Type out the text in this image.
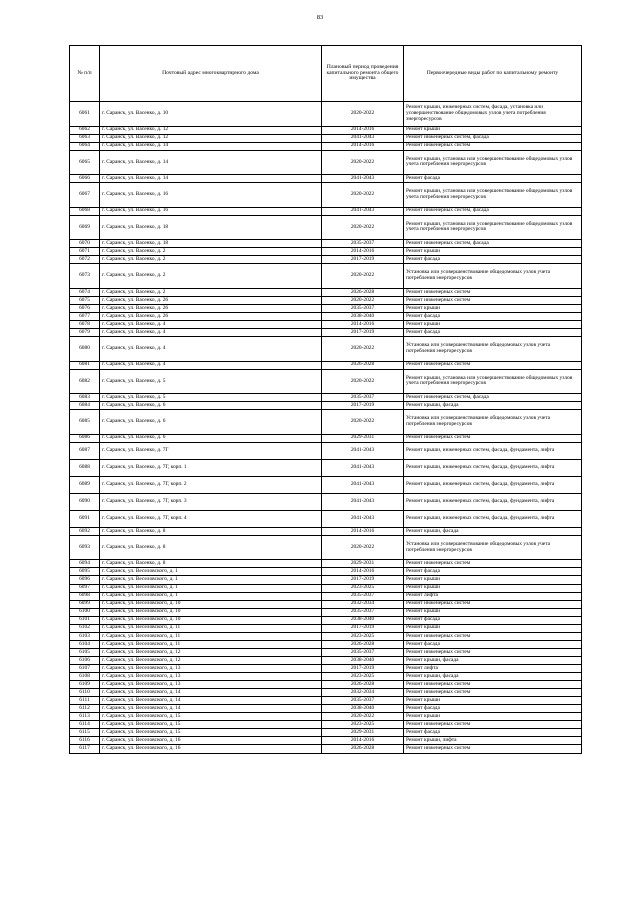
83
№ п/п	Почтовый адрес многоквартирного дома	Плановый период проведения капитального ремонта общего имущества	Первоочередные виды работ по капитальному ремонту
6061	г. Саранск, ул. Васенко, д. 10	2020-2022	Ремонт крыши, инженерных систем, фасада, установка или усовершенствование общедомовых узлов учета потребления энергоресурсов
6062	г. Саранск, ул. Васенко, д. 12	2014-2016	Ремонт крыши
6063	г. Саранск, ул. Васенко, д. 12	2041-2043	Ремонт инженерных систем, фасада
6064	г. Саранск, ул. Васенко, д. 14	2014-2016	Ремонт инженерных систем
6065	г. Саранск, ул. Васенко, д. 14	2020-2022	Ремонт крыши, установка или усовершенствование общедомовых узлов учета потребления энергоресурсов
6066	г. Саранск, ул. Васенко, д. 14	2041-2043	Ремонт фасада
6067	г. Саранск, ул. Васенко, д. 16	2020-2022	Ремонт крыши, установка или усовершенствование общедомовых узлов учета потребления энергоресурсов
6068	г. Саранск, ул. Васенко, д. 16	2041-2043	Ремонт инженерных систем, фасада
6069	г. Саранск, ул. Васенко, д. 18	2020-2022	Ремонт крыши, установка или усовершенствование общедомовых узлов учета потребления энергоресурсов
6070	г. Саранск, ул. Васенко, д. 18	2035-2037	Ремонт инженерных систем, фасада
6071	г. Саранск, ул. Васенко, д. 2	2014-2016	Ремонт крыши
6072	г. Саранск, ул. Васенко, д. 2	2017-2019	Ремонт фасада
6073	г. Саранск, ул. Васенко, д. 2	2020-2022	Установка или усовершенствование общедомовых узлов учета потребления энергоресурсов
6074	г. Саранск, ул. Васенко, д. 2	2026-2028	Ремонт инженерных систем
6075	г. Саранск, ул. Васенко, д. 26	2020-2022	Ремонт инженерных систем
6076	г. Саранск, ул. Васенко, д. 26	2035-2037	Ремонт крыши
6077	г. Саранск, ул. Васенко, д. 26	2038-2040	Ремонт фасада
6078	г. Саранск, ул. Васенко, д. 4	2014-2016	Ремонт крыши
6079	г. Саранск, ул. Васенко, д. 4	2017-2019	Ремонт фасада
6080	г. Саранск, ул. Васенко, д. 4	2020-2022	Установка или усовершенствование общедомовых узлов учета потребления энергоресурсов
6081	г. Саранск, ул. Васенко, д. 4	2026-2028	Ремонт инженерных систем
6082	г. Саранск, ул. Васенко, д. 5	2020-2022	Ремонт крыши, установка или усовершенствование общедомовых узлов учета потребления энергоресурсов
6083	г. Саранск, ул. Васенко, д. 5	2035-2037	Ремонт инженерных систем, фасада
6084	г. Саранск, ул. Васенко, д. 6	2017-2019	Ремонт крыши, фасада
6085	г. Саранск, ул. Васенко, д. 6	2020-2022	Установка или усовершенствование общедомовых узлов учета потребления энергоресурсов
6086	г. Саранск, ул. Васенко, д. 6	2029-2031	Ремонт инженерных систем
6087	г. Саранск, ул. Васенко, д. 7Г	2041-2043	Ремонт крыши, инженерных систем, фасада, фундамента, лифта
6088	г. Саранск, ул. Васенко, д. 7Г, корп. 1	2041-2043	Ремонт крыши, инженерных систем, фасада, фундамента, лифта
6089	г. Саранск, ул. Васенко, д. 7Г, корп. 2	2041-2043	Ремонт крыши, инженерных систем, фасада, фундамента, лифта
6090	г. Саранск, ул. Васенко, д. 7Г, корп. 3	2041-2043	Ремонт крыши, инженерных систем, фасада, фундамента, лифта
6091	г. Саранск, ул. Васенко, д. 7Г, корп. 4	2041-2043	Ремонт крыши, инженерных систем, фасада, фундамента, лифта
6092	г. Саранск, ул. Васенко, д. 8	2014-2016	Ремонт крыши, фасада
6093	г. Саранск, ул. Васенко, д. 8	2020-2022	Установка или усовершенствование общедомовых узлов учета потребления энергоресурсов
6094	г. Саранск, ул. Васенко, д. 8	2029-2031	Ремонт инженерных систем
6095	г. Саранск, ул. Веселовского, д. 1	2014-2016	Ремонт фасада
6096	г. Саранск, ул. Веселовского, д. 1	2017-2019	Ремонт крыши
6097	г. Саранск, ул. Веселовского, д. 1	2023-2025	Ремонт крыши
6098	г. Саранск, ул. Веселовского, д. 1	2035-2037	Ремонт лифта
6099	г. Саранск, ул. Веселовского, д. 10	2032-2034	Ремонт инженерных систем
6100	г. Саранск, ул. Веселовского, д. 10	2035-2037	Ремонт крыши
6101	г. Саранск, ул. Веселовского, д. 10	2038-2040	Ремонт фасада
6102	г. Саранск, ул. Веселовского, д. 11	2017-2019	Ремонт крыши
6103	г. Саранск, ул. Веселовского, д. 11	2023-2025	Ремонт инженерных систем
6104	г. Саранск, ул. Веселовского, д. 11	2026-2028	Ремонт фасада
6105	г. Саранск, ул. Веселовского, д. 12	2035-2037	Ремонт инженерных систем
6106	г. Саранск, ул. Веселовского, д. 12	2038-2040	Ремонт крыши, фасада
6107	г. Саранск, ул. Веселовского, д. 13	2017-2019	Ремонт лифта
6108	г. Саранск, ул. Веселовского, д. 13	2023-2025	Ремонт крыши, фасада
6109	г. Саранск, ул. Веселовского, д. 13	2026-2028	Ремонт инженерных систем
6110	г. Саранск, ул. Веселовского, д. 14	2032-2034	Ремонт инженерных систем
6111	г. Саранск, ул. Веселовского, д. 14	2035-2037	Ремонт крыши
6112	г. Саранск, ул. Веселовского, д. 14	2038-2040	Ремонт фасада
6113	г. Саранск, ул. Веселовского, д. 15	2020-2022	Ремонт крыши
6114	г. Саранск, ул. Веселовского, д. 15	2023-2025	Ремонт инженерных систем
6115	г. Саранск, ул. Веселовского, д. 15	2029-2031	Ремонт фасада
6116	г. Саранск, ул. Веселовского, д. 16	2014-2016	Ремонт крыши, лифта
6117	г. Саранск, ул. Веселовского, д. 16	2026-2028	Ремонт инженерных систем
